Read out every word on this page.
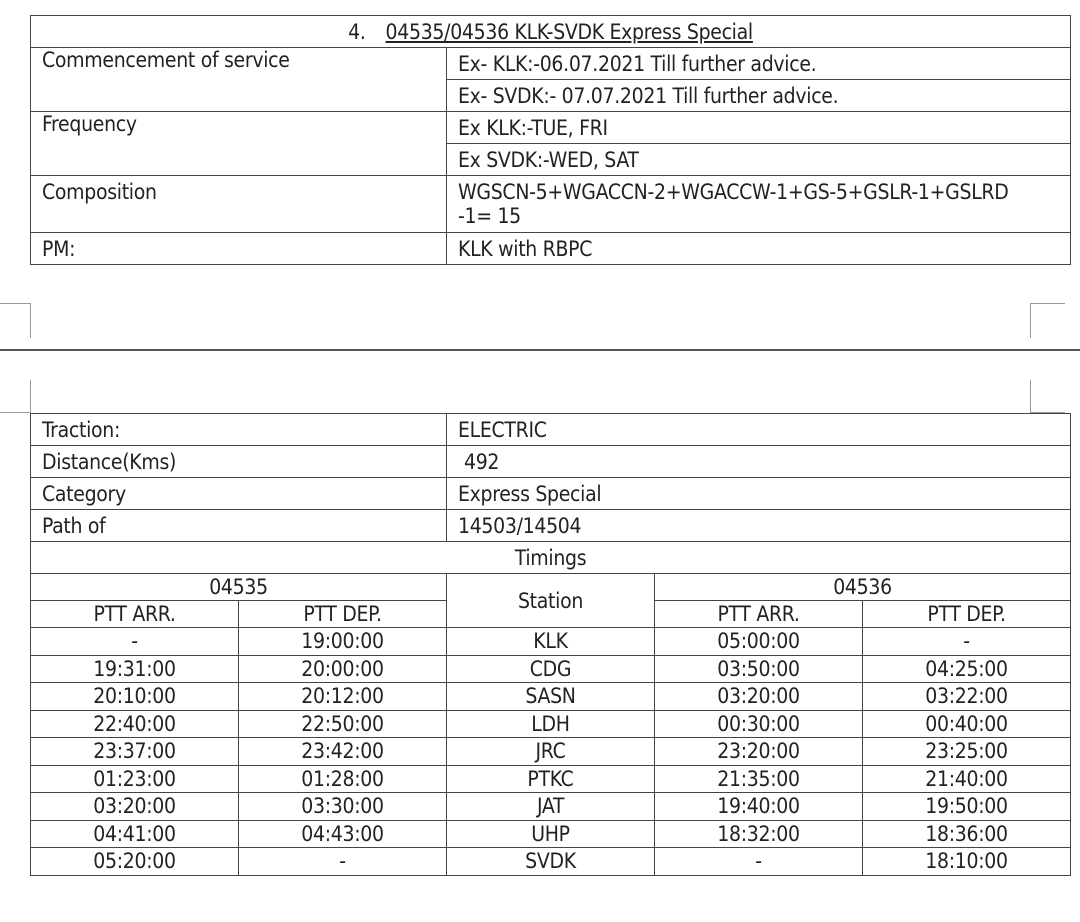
4. 04535/04536 KLK-SVDK Express Special	
Commencement of service	Ex- KLK:-06.07.2021 Till further advice.
	Ex- SVDK:- 07.07.2021 Till further advice.
Frequency	Ex KLK:-TUE, FRI
	Ex SVDK:-WED, SAT
Composition	WGSCN-5+WGACCN-2+WGACCW-1+GS-5+GSLR-1+GSLRD-1= 15
PM:	KLK with RBPC
Traction:		ELECTRIC		
Distance(Kms)		492		
Category		Express Special		
Path of		14503/14504		
Timings				
04535		Station	04536	
PTT ARR.	PTT DEP.		PTT ARR.	PTT DEP.
-	19:00:00	KLK	05:00:00	-
19:31:00	20:00:00	CDG	03:50:00	04:25:00
20:10:00	20:12:00	SASN	03:20:00	03:22:00
22:40:00	22:50:00	LDH	00:30:00	00:40:00
23:37:00	23:42:00	JRC	23:20:00	23:25:00
01:23:00	01:28:00	PTKC	21:35:00	21:40:00
03:20:00	03:30:00	JAT	19:40:00	19:50:00
04:41:00	04:43:00	UHP	18:32:00	18:36:00
05:20:00	-	SVDK	-	18:10:00
